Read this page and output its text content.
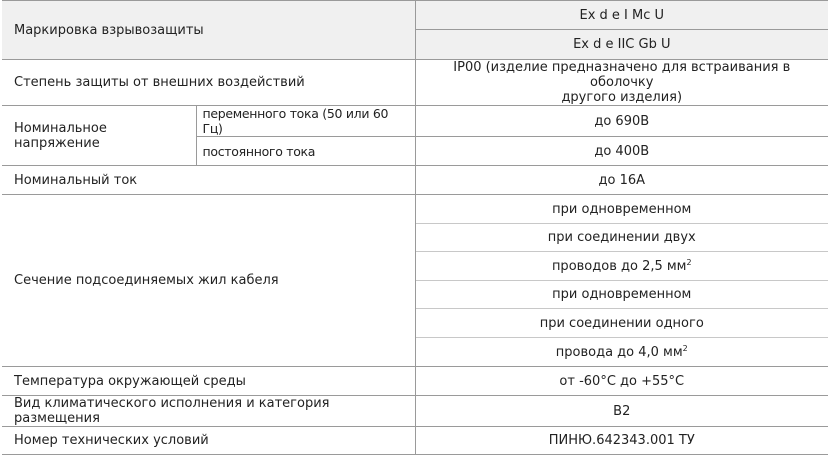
Маркировка взрывозащиты		Ex d e I Mc U
		Ex d e IIC Gb U
Степень защиты от внешних воздействий		IP00 (изделие предназначено для встраивания в оболочку
другого изделия)
Номинальное напряжение	переменного тока (50 или 60 Гц)	до 690В
	постоянного тока	до 400В
Номинальный ток		до 16А
Сечение подсоединяемых жил кабеля		при одновременном
		при соединении двух
		проводов до 2,5 $мм^2$
		при одновременном
		при соединении одного
		провода до 4,0 $мм^2$
Температура окружающей среды		от -60°С до +55°С
Вид климатического исполнения и категория размещения		В2
Номер технических условий		ПИНЮ.642343.001 ТУ
